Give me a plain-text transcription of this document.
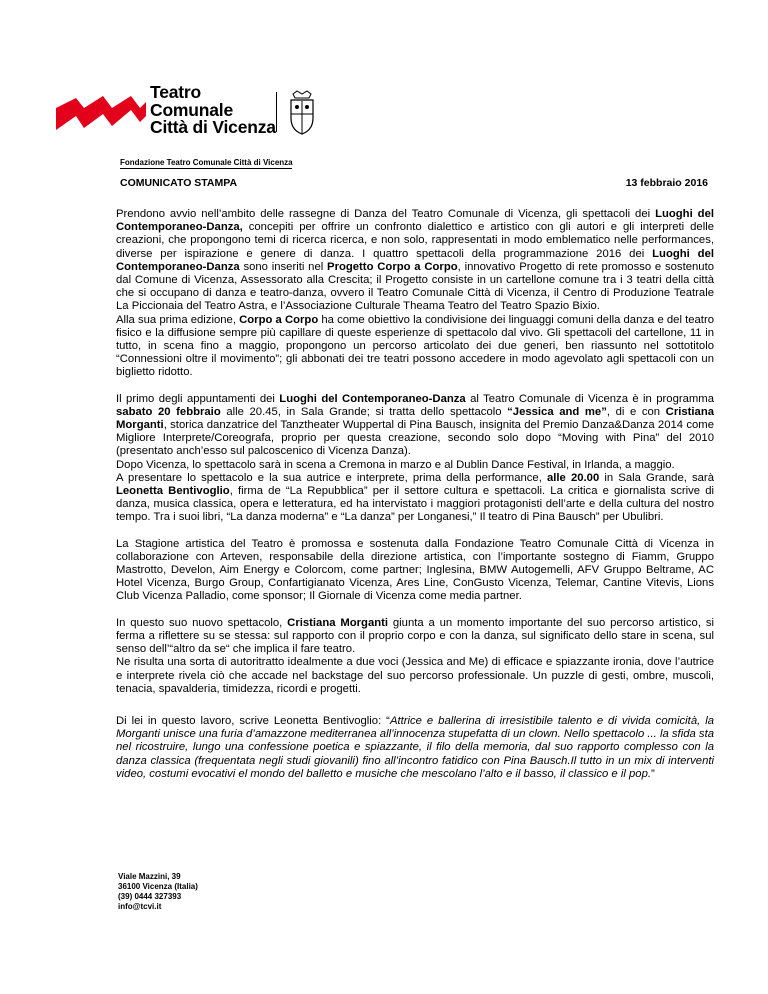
Teatro
Comunale
Città di Vicenza
Fondazione Teatro Comunale Città di Vicenza
COMUNICATO STAMPA	13 febbraio 2016

Prendono avvio nell’ambito delle rassegne di Danza del Teatro Comunale di Vicenza, gli spettacoli dei Luoghi del Contemporaneo-Danza, concepiti per offrire un confronto dialettico e artistico con gli autori e gli interpreti delle creazioni, che propongono temi di ricerca ricerca, e non solo, rappresentati in modo emblematico nelle performances, diverse per ispirazione e genere di danza. I quattro spettacoli della programmazione 2016 dei Luoghi del Contemporaneo-Danza sono inseriti nel Progetto Corpo a Corpo, innovativo Progetto di rete promosso e sostenuto dal Comune di Vicenza, Assessorato alla Crescita; il Progetto consiste in un cartellone comune tra i 3 teatri della città che si occupano di danza e teatro-danza, ovvero il Teatro Comunale Città di Vicenza, il Centro di Produzione Teatrale La Piccionaia del Teatro Astra, e l’Associazione Culturale Theama Teatro del Teatro Spazio Bixio.

Alla sua prima edizione, Corpo a Corpo ha come obiettivo la condivisione dei linguaggi comuni della danza e del teatro fisico e la diffusione sempre più capillare di queste esperienze di spettacolo dal vivo. Gli spettacoli del cartellone, 11 in tutto, in scena fino a maggio, propongono un percorso articolato dei due generi, ben riassunto nel sottotitolo “Connessioni oltre il movimento”; gli abbonati dei tre teatri possono accedere in modo agevolato agli spettacoli con un biglietto ridotto.

Il primo degli appuntamenti dei Luoghi del Contemporaneo-Danza al Teatro Comunale di Vicenza è in programma sabato 20 febbraio alle 20.45, in Sala Grande; si tratta dello spettacolo “Jessica and me”, di e con Cristiana Morganti, storica danzatrice del Tanztheater Wuppertal di Pina Bausch, insignita del Premio Danza&Danza 2014 come Migliore Interprete/Coreografa, proprio per questa creazione, secondo solo dopo “Moving with Pina” del 2010 (presentato anch’esso sul palcoscenico di Vicenza Danza).

Dopo Vicenza, lo spettacolo sarà in scena a Cremona in marzo e al Dublin Dance Festival, in Irlanda, a maggio.

A presentare lo spettacolo e la sua autrice e interprete, prima della performance, alle 20.00 in Sala Grande, sarà Leonetta Bentivoglio, firma de “La Repubblica” per il settore cultura e spettacoli. La critica e giornalista scrive di danza, musica classica, opera e letteratura, ed ha intervistato i maggiori protagonisti dell’arte e della cultura del nostro tempo. Tra i suoi libri, “La danza moderna” e “La danza” per Longanesi,” Il teatro di Pina Bausch” per Ubulibri.

La Stagione artistica del Teatro è promossa e sostenuta dalla Fondazione Teatro Comunale Città di Vicenza in collaborazione con Arteven, responsabile della direzione artistica, con l’importante sostegno di Fiamm, Gruppo Mastrotto, Develon, Aim Energy e Colorcom, come partner; Inglesina, BMW Autogemelli, AFV Gruppo Beltrame, AC Hotel Vicenza, Burgo Group, Confartigianato Vicenza, Ares Line, ConGusto Vicenza, Telemar, Cantine Vitevis, Lions Club Vicenza Palladio, come sponsor; Il Giornale di Vicenza come media partner.

In questo suo nuovo spettacolo, Cristiana Morganti giunta a un momento importante del suo percorso artistico, si ferma a riflettere su se stessa: sul rapporto con il proprio corpo e con la danza, sul significato dello stare in scena, sul senso dell’“altro da se“ che implica il fare teatro.

Ne risulta una sorta di autoritratto idealmente a due voci (Jessica and Me) di efficace e spiazzante ironia, dove l’autrice e interprete rivela ciò che accade nel backstage del suo percorso professionale. Un puzzle di gesti, ombre, muscoli, tenacia, spavalderia, timidezza, ricordi e progetti.

Di lei in questo lavoro, scrive Leonetta Bentivoglio: “Attrice e ballerina di irresistibile talento e di vivida comicità, la Morganti unisce una furia d’amazzone mediterranea all’innocenza stupefatta di un clown. Nello spettacolo ... la sfida sta nel ricostruire, lungo una confessione poetica e spiazzante, il filo della memoria, dal suo rapporto complesso con la danza classica (frequentata negli studi giovanili) fino all’incontro fatidico con Pina Bausch.Il tutto in un mix di interventi video, costumi evocativi el mondo del balletto e musiche che mescolano l’alto e il basso, il classico e il pop.”

Viale Mazzini, 39
36100 Vicenza (Italia)
(39) 0444 327393
info@tcvi.it
